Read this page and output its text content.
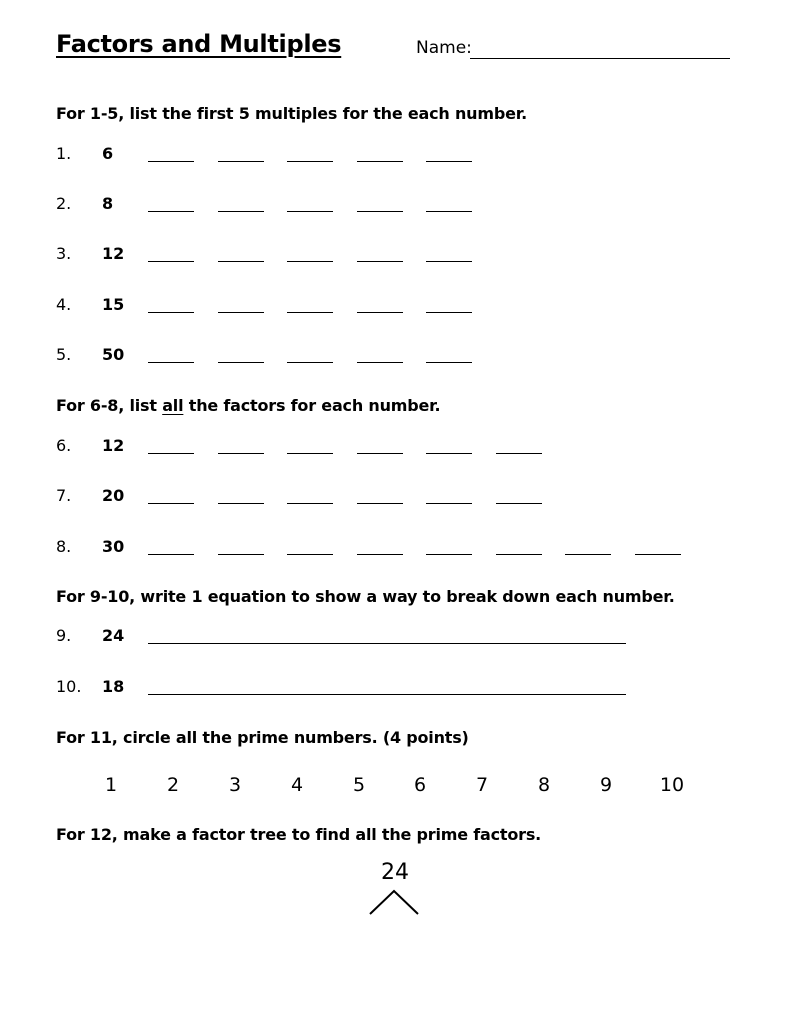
Factors and Multiples	Name:
For 1-5, list the first 5 multiples for the each number.
1. 6
2. 8
3. 12
4. 15
5. 50
For 6-8, list all the factors for each number.
6. 12
7. 20
8. 30
For 9-10, write 1 equation to show a way to break down each number.
9. 24
10. 18
For 11, circle all the prime numbers. (4 points)
1	2	3	4	5	6	7	8	9	10
For 12, make a factor tree to find all the prime factors.
24
